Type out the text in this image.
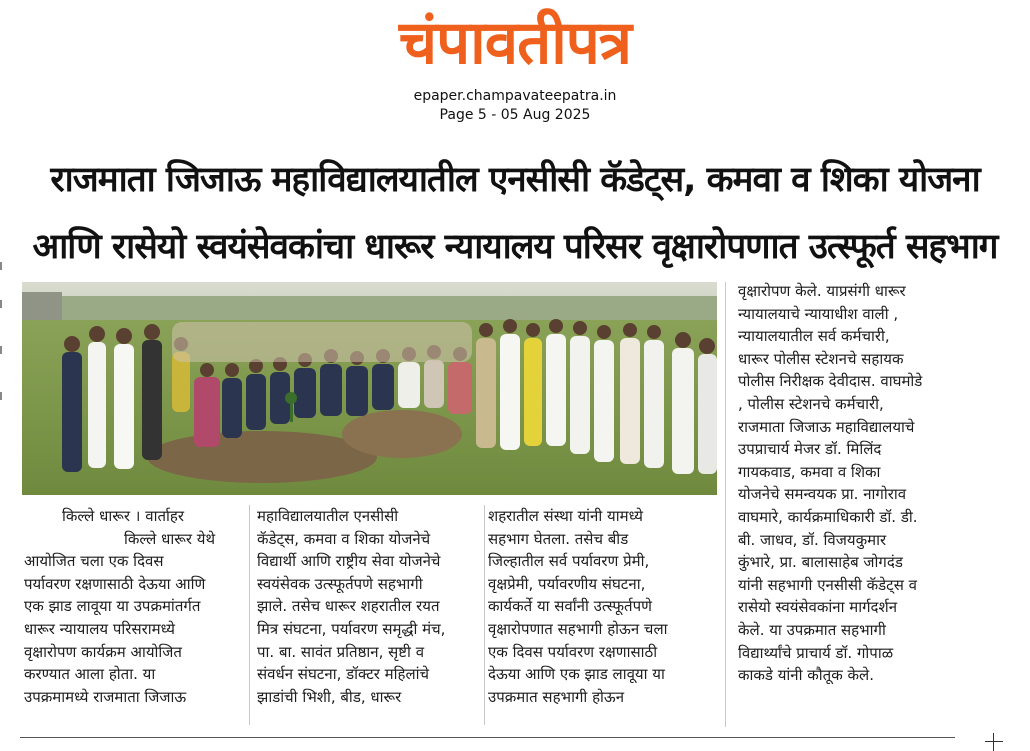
चंपावतीपत्र
epaper.champavateepatra.in
Page 5 - 05 Aug 2025
राजमाता जिजाऊ महाविद्यालयातील एनसीसी कॅडेट्स, कमवा व शिका योजना
आणि रासेयो स्वयंसेवकांचा धारूर न्यायालय परिसर वृक्षारोपणात उत्स्फूर्त सहभाग
किल्ले धारूर । वार्ताहर
किल्ले धारूर येथे
आयोजित चला एक दिवस
पर्यावरण रक्षणासाठी देऊया आणि
एक झाड लावूया या उपक्रमांतर्गत
धारूर न्यायालय परिसरामध्ये
वृक्षारोपण कार्यक्रम आयोजित
करण्यात आला होता. या
उपक्रमामध्ये राजमाता जिजाऊ
महाविद्यालयातील एनसीसी
कॅडेट्स, कमवा व शिका योजनेचे
विद्यार्थी आणि राष्ट्रीय सेवा योजनेचे
स्वयंसेवक उत्स्फूर्तपणे सहभागी
झाले. तसेच धारूर शहरातील रयत
मित्र संघटना, पर्यावरण समृद्धी मंच,
पा. बा. सावंत प्रतिष्ठान, सृष्टी व
संवर्धन संघटना, डॉक्टर महिलांचे
झाडांची भिशी, बीड, धारूर
शहरातील संस्था यांनी यामध्ये
सहभाग घेतला. तसेच बीड
जिल्हातील सर्व पर्यावरण प्रेमी,
वृक्षप्रेमी, पर्यावरणीय संघटना,
कार्यकर्ते या सर्वांनी उत्स्फूर्तपणे
वृक्षारोपणात सहभागी होऊन चला
एक दिवस पर्यावरण रक्षणासाठी
देऊया आणि एक झाड लावूया या
उपक्रमात सहभागी होऊन
वृक्षारोपण केले. याप्रसंगी धारूर
न्यायालयाचे न्यायाधीश वाली ,
न्यायालयातील सर्व कर्मचारी,
धारूर पोलीस स्टेशनचे सहायक
पोलीस निरीक्षक देवीदास. वाघमोडे
, पोलीस स्टेशनचे कर्मचारी,
राजमाता जिजाऊ महाविद्यालयाचे
उपप्राचार्य मेजर डॉ. मिलिंद
गायकवाड, कमवा व शिका
योजनेचे समन्वयक प्रा. नागोराव
वाघमारे, कार्यक्रमाधिकारी डॉ. डी.
बी. जाधव, डॉ. विजयकुमार
कुंभारे, प्रा. बालासाहेब जोगदंड
यांनी सहभागी एनसीसी कॅडेट्स व
रासेयो स्वयंसेवकांना मार्गदर्शन
केले. या उपक्रमात सहभागी
विद्यार्थ्यांचे प्राचार्य डॉ. गोपाळ
काकडे यांनी कौतूक केले.
